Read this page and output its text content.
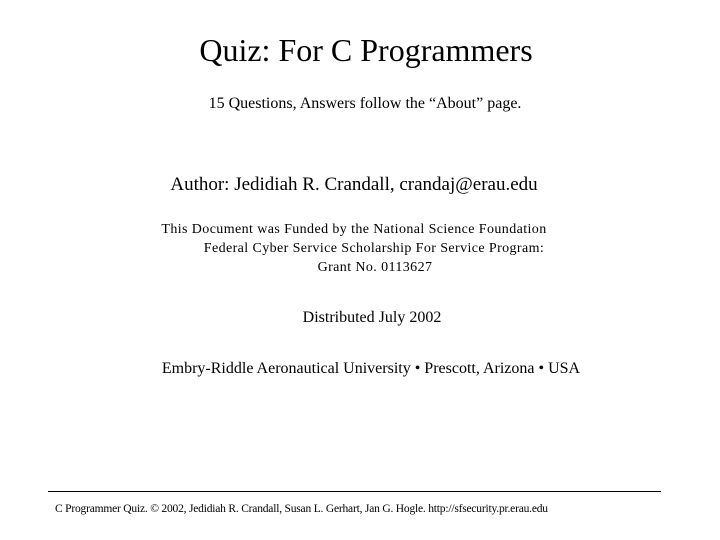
Quiz: For C Programmers
15 Questions, Answers follow the “About” page.
Author: Jedidiah R. Crandall, crandaj@erau.edu
This Document was Funded by the National Science Foundation
Federal Cyber Service Scholarship For Service Program:
Grant No. 0113627
Distributed July 2002
Embry-Riddle Aeronautical University • Prescott, Arizona • USA
C Programmer Quiz. © 2002, Jedidiah R. Crandall, Susan L. Gerhart, Jan G. Hogle. http://sfsecurity.pr.erau.edu
